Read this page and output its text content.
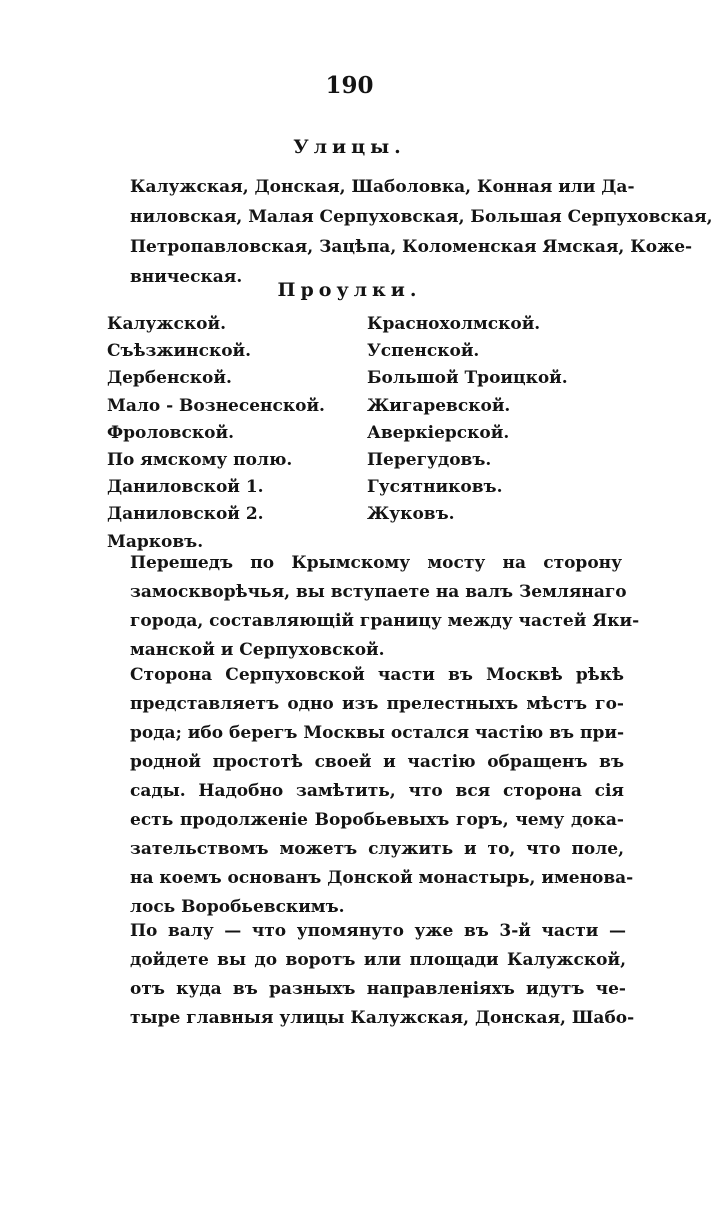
190
Улицы.

Калужская, Донская, Шаболовка, Конная или Да-
ниловская, Малая Серпуховская, Большая Серпуховская,
Петропавловская, Зацѣпа, Коломенская Ямская, Коже-
вническая.

Проулки.
Калужской.
Съѣзжинской.
Дербенской.
Мало - Вознесенской.
Фроловской.
По ямскому полю.
Даниловской 1.
Даниловской 2.
Марковъ.
Краснохолмской.
Успенской.
Большой Троицкой.
Жигаревской.
Аверкіерской.
Перегудовъ.
Гусятниковъ.
Жуковъ.

Перешедъ по Крымскому мосту на сторону
замоскворѣчья, вы вступаете на валъ Землянаго
города, составляющій границу между частей Яки-
манской и Серпуховской.

Сторона Серпуховской части въ Москвѣ рѣкѣ
представляетъ одно изъ прелестныхъ мѣстъ го-
рода; ибо берегъ Москвы остался частію въ при-
родной простотѣ своей и частію обращенъ въ
сады. Надобно замѣтить, что вся сторона сія
есть продолженіе Воробьевыхъ горъ, чему дока-
зательствомъ можетъ служить и то, что поле,
на коемъ основанъ Донской монастырь, именова-
лось Воробьевскимъ.

По валу — что упомянуто уже въ 3-й части —
дойдете вы до воротъ или площади Калужской,
отъ куда въ разныхъ направленіяхъ идутъ че-
тыре главныя улицы Калужская, Донская, Шабо-
